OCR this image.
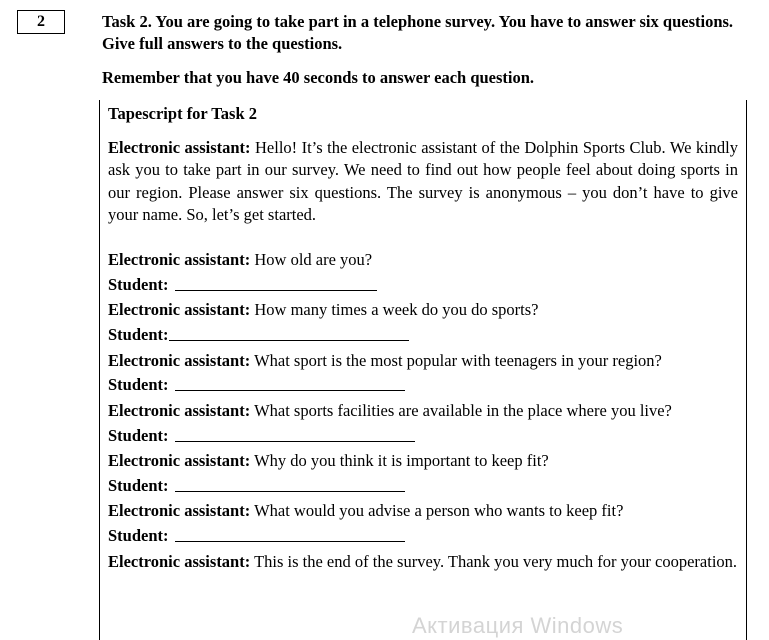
2	Task 2. You are going to take part in a telephone survey. You have to answer six questions. Give full answers to the questions.

Remember that you have 40 seconds to answer each question.

Tapescript for Task 2

Electronic assistant: Hello! It’s the electronic assistant of the Dolphin Sports Club. We kindly ask you to take part in our survey. We need to find out how people feel about doing sports in our region. Please answer six questions. The survey is anonymous – you don’t have to give your name. So, let’s get started.

Electronic assistant: How old are you?

Student:

Electronic assistant: How many times a week do you do sports?

Student:

Electronic assistant: What sport is the most popular with teenagers in your region?

Student:

Electronic assistant: What sports facilities are available in the place where you live?

Student:

Electronic assistant: Why do you think it is important to keep fit?

Student:

Electronic assistant: What would you advise a person who wants to keep fit?

Student:

Electronic assistant: This is the end of the survey. Thank you very much for your cooperation.

Активация Windows
